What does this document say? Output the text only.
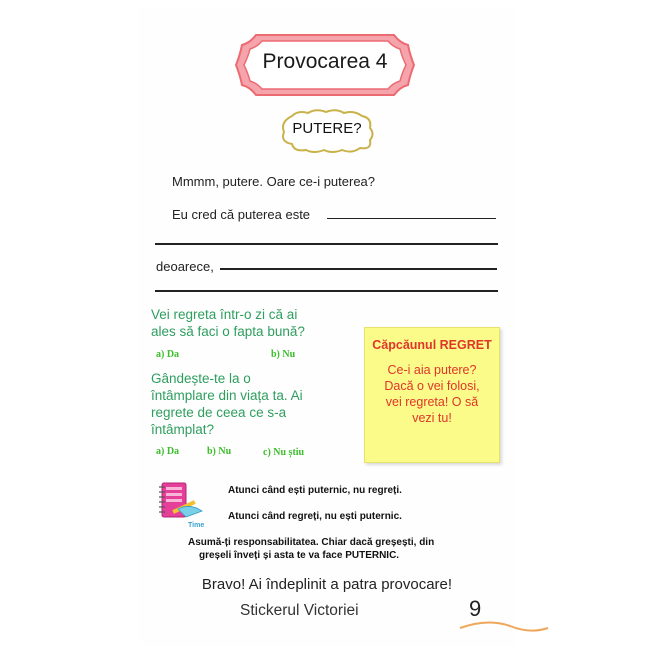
Provocarea 4
PUTERE?
Mmmm, putere. Oare ce-i puterea?
Eu cred că puterea este
deoarece,
Vei regreta într-o zi că ai
ales să faci o fapta bună?
a) Da	b) Nu
Gândește-te la o
întâmplare din viața ta. Ai
regrete de ceea ce s-a
întâmplat?
a) Da	b) Nu	c) Nu știu
Căpcăunul REGRET
Ce-i aia putere?
Dacă o vei folosi,
vei regreta! O să
vezi tu!
Time
Atunci când ești puternic, nu regreți.
Atunci când regreți, nu ești puternic.
Asumă-ți responsabilitatea. Chiar dacă greșești, din
greșeli înveți și asta te va face PUTERNIC.
Bravo! Ai îndeplinit a patra provocare!
Stickerul Victoriei	9
